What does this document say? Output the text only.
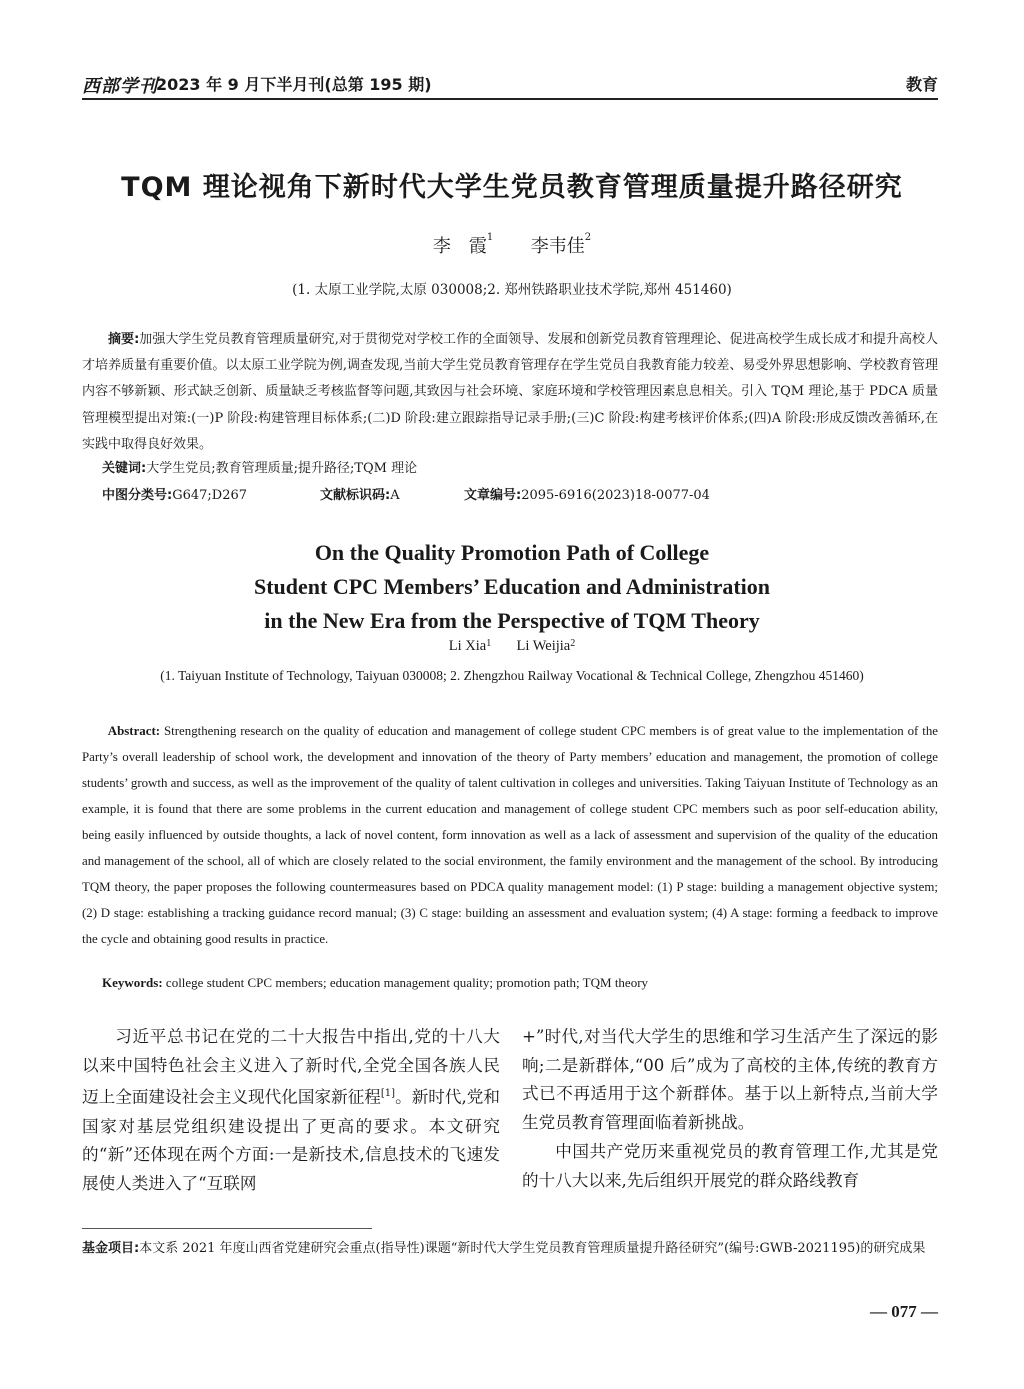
西部学刊
2023 年 9 月下半月刊(总第 195 期)	教育
TQM 理论视角下新时代大学生党员教育管理质量提升路径研究
李　霞$^1$ 李韦佳$^2$
(1. 太原工业学院,太原 030008;2. 郑州铁路职业技术学院,郑州 451460)
摘要:加强大学生党员教育管理质量研究,对于贯彻党对学校工作的全面领导、发展和创新党员教育管理理论、促进高校学生成长成才和提升高校人才培养质量有重要价值。以太原工业学院为例,调查发现,当前大学生党员教育管理存在学生党员自我教育能力较差、易受外界思想影响、学校教育管理内容不够新颖、形式缺乏创新、质量缺乏考核监督等问题,其致因与社会环境、家庭环境和学校管理因素息息相关。引入 TQM 理论,基于 PDCA 质量管理模型提出对策:(一)P 阶段:构建管理目标体系;(二)D 阶段:建立跟踪指导记录手册;(三)C 阶段:构建考核评价体系;(四)A 阶段:形成反馈改善循环,在实践中取得良好效果。
关键词:大学生党员;教育管理质量;提升路径;TQM 理论
中图分类号:G647;D267	文献标识码:A	文章编号:2095-6916(2023)18-0077-04
On the Quality Promotion Path of College
Student CPC Members’ Education and Administration
in the New Era from the Perspective of TQM Theory
Li Xia$^1$ Li Weijia$^2$
(1. Taiyuan Institute of Technology, Taiyuan 030008; 2. Zhengzhou Railway Vocational & Technical College, Zhengzhou 451460)
Abstract: Strengthening research on the quality of education and management of college student CPC members is of great value to the implementation of the Party’s overall leadership of school work, the development and innovation of the theory of Party members’ education and management, the promotion of college students’ growth and success, as well as the improvement of the quality of talent cultivation in colleges and universities. Taking Taiyuan Institute of Technology as an example, it is found that there are some problems in the current education and management of college student CPC members such as poor self-education ability, being easily influenced by outside thoughts, a lack of novel content, form innovation as well as a lack of assessment and supervision of the quality of the education and management of the school, all of which are closely related to the social environment, the family environment and the management of the school. By introducing TQM theory, the paper proposes the following countermeasures based on PDCA quality management model: (1) P stage: building a management objective system; (2) D stage: establishing a tracking guidance record manual; (3) C stage: building an assessment and evaluation system; (4) A stage: forming a feedback to improve the cycle and obtaining good results in practice.
Keywords: college student CPC members; education management quality; promotion path; TQM theory

习近平总书记在党的二十大报告中指出,党的十八大以来中国特色社会主义进入了新时代,全党全国各族人民迈上全面建设社会主义现代化国家新征程[1]。新时代,党和国家对基层党组织建设提出了更高的要求。本文研究的“新”还体现在两个方面:一是新技术,信息技术的飞速发展使人类进入了“互联网

+”时代,对当代大学生的思维和学习生活产生了深远的影响;二是新群体,“00 后”成为了高校的主体,传统的教育方式已不再适用于这个新群体。基于以上新特点,当前大学生党员教育管理面临着新挑战。

中国共产党历来重视党员的教育管理工作,尤其是党的十八大以来,先后组织开展党的群众路线教育

基金项目:本文系 2021 年度山西省党建研究会重点(指导性)课题“新时代大学生党员教育管理质量提升路径研究”(编号:GWB-2021195)的研究成果
— 077 —
